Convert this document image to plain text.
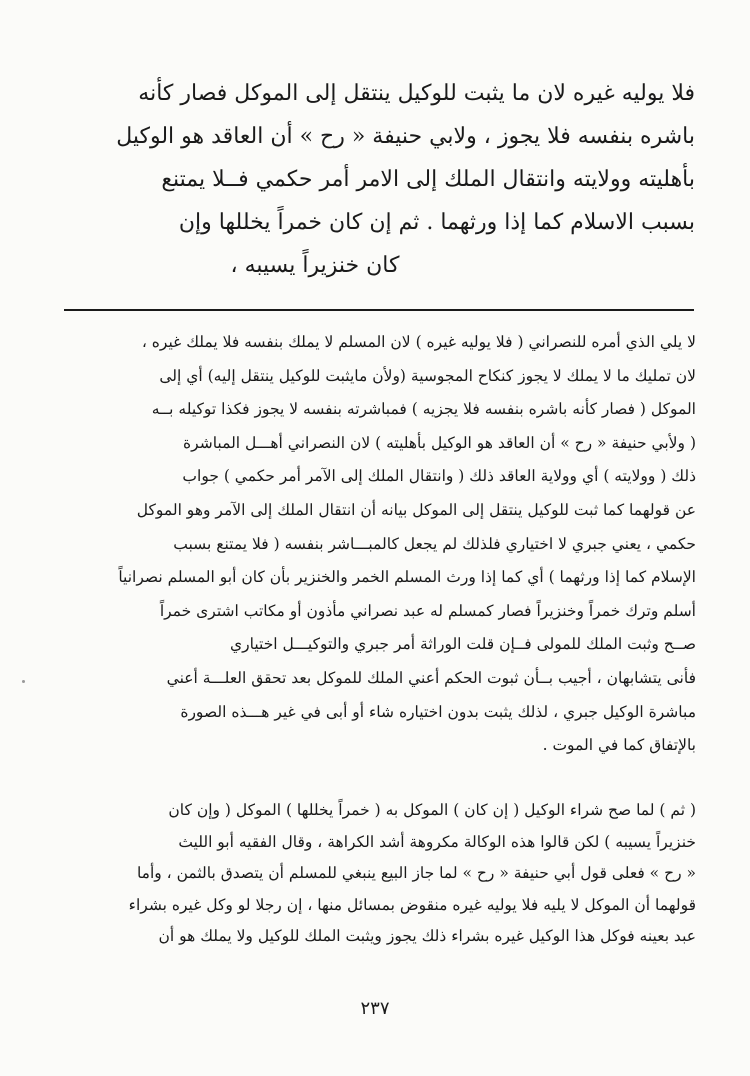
فلا يوليه غيره لان ما يثبت للوكيل ينتقل إلى الموكل فصار كأنه
باشره بنفسه فلا يجوز ، ولابي حنيفة « رح » أن العاقد هو الوكيل
بأهليته وولايته وانتقال الملك إلى الامر أمر حكمي فــلا يمتنع
بسبب الاسلام كما إذا ورثهما . ثم إن كان خمراً يخللها وإن
كان خنزيراً يسيبه ،
لا يلي الذي أمره للنصراني ( فلا يوليه غيره ) لان المسلم لا يملك بنفسه فلا يملك غيره ،
لان تمليك ما لا يملك لا يجوز كنكاح المجوسية (ولأن مايثبت للوكيل ينتقل إليه) أي إلى
الموكل ( فصار كأنه باشره بنفسه فلا يجزيه ) فمباشرته بنفسه لا يجوز فكذا توكيله بــه
( ولأبي حنيفة « رح » أن العاقد هو الوكيل بأهليته ) لان النصراني أهـــل المباشرة
ذلك ( وولايته ) أي وولاية العاقد ذلك ( وانتقال الملك إلى الآمر أمر حكمي ) جواب
عن قولهما كما ثبت للوكيل ينتقل إلى الموكل بيانه أن انتقال الملك إلى الآمر وهو الموكل
حكمي ، يعني جبري لا اختياري فلذلك لم يجعل كالمبـــاشر بنفسه ( فلا يمتنع بسبب
الإسلام كما إذا ورثهما ) أي كما إذا ورث المسلم الخمر والخنزير بأن كان أبو المسلم نصرانياً
أسلم وترك خمراً وخنزيراً فصار كمسلم له عبد نصراني مأذون أو مكاتب اشترى خمراً
صــح وثبت الملك للمولى فــإن قلت الوراثة أمر جبري والتوكيـــل اختياري
فأنى يتشابهان ، أجيب بــأن ثبوت الحكم أعني الملك للموكل بعد تحقق العلـــة أعني
مباشرة الوكيل جبري ، لذلك يثبت بدون اختياره شاء أو أبى في غير هـــذه الصورة
بالإتفاق كما في الموت .
( ثم ) لما صح شراء الوكيل ( إن كان ) الموكل به ( خمراً يخللها ) الموكل ( وإن كان
خنزيراً يسيبه ) لكن قالوا هذه الوكالة مكروهة أشد الكراهة ، وقال الفقيه أبو الليث
« رح » فعلى قول أبي حنيفة « رح » لما جاز البيع ينبغي للمسلم أن يتصدق بالثمن ، وأما
قولهما أن الموكل لا يليه فلا يوليه غيره منقوض بمسائل منها ، إن رجلا لو وكل غيره بشراء
عبد بعينه فوكل هذا الوكيل غيره بشراء ذلك يجوز ويثبت الملك للوكيل ولا يملك هو أن
٢٣٧
